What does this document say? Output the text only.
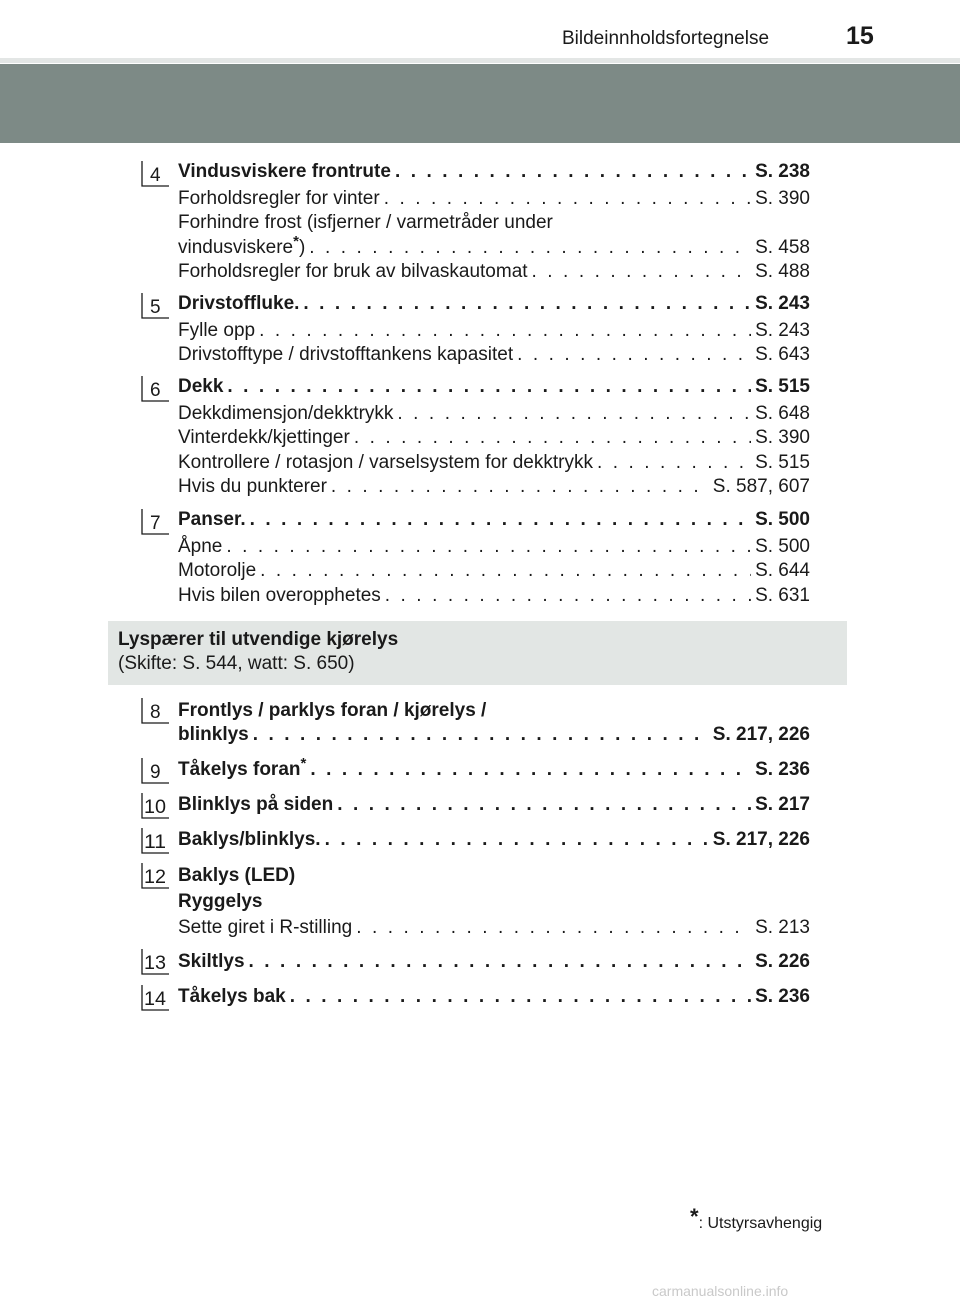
Bildeinnholdsfortegnelse	15
4 Vindusviskere frontrute . . .	S. 238
Forholdsregler for vinter . . .	S. 390
Forhindre frost (isfjerner / varmetråder under
vindusviskere*) . . .	S. 458
Forholdsregler for bruk av bilvaskautomat . . .	S. 488
5 Drivstoffluke. . . .	S. 243
Fylle opp . . .	S. 243
Drivstofftype / drivstofftankens kapasitet . . .	S. 643
6 Dekk . . .	S. 515
Dekkdimensjon/dekktrykk . . .	S. 648
Vinterdekk/kjettinger . . .	S. 390
Kontrollere / rotasjon / varselsystem for dekktrykk . . .	S. 515
Hvis du punkterer . . .	S. 587, 607
7 Panser. . . .	S. 500
Åpne . . .	S. 500
Motorolje . . .	S. 644
Hvis bilen overopphetes . . .	S. 631
Lyspærer til utvendige kjørelys
(Skifte: S. 544, watt: S. 650)
8 Frontlys / parklys foran / kjørelys /
blinklys . . .	S. 217, 226
9 Tåkelys foran* . . .	S. 236
10 Blinklys på siden . . .	S. 217
11 Baklys/blinklys. . . .	S. 217, 226
12 Baklys (LED)
Ryggelys
Sette giret i R-stilling . . .	S. 213
13 Skiltlys . . .	S. 226
14 Tåkelys bak . . .	S. 236
*: Utstyrsavhengig
carmanualsonline.info
